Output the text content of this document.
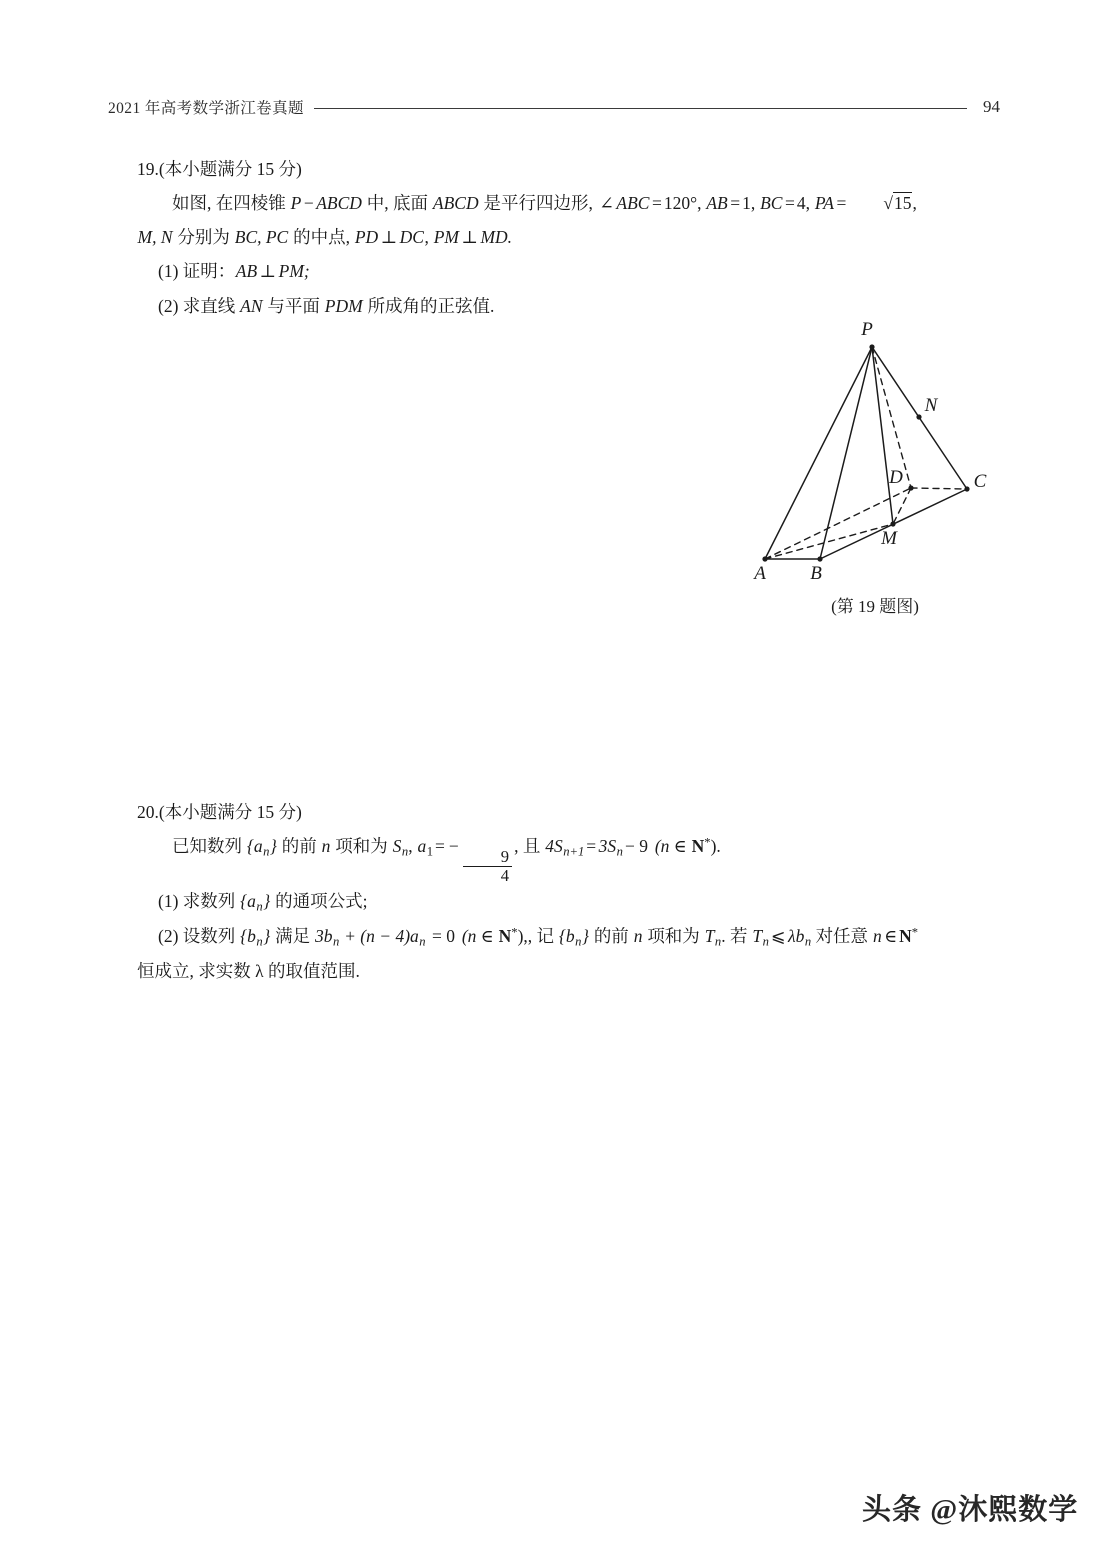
2021 年高考数学浙江卷真题	94

19.(本小题满分 15 分)

如图, 在四棱锥 P − ABCD 中, 底面 ABCD 是平行四边形, ∠ ABC = 120°, AB = 1, BC = 4, PA = √15,

M, N 分别为 BC, PC 的中点, PD ⊥ DC, PM ⊥ MD.

(1) 证明：AB ⊥ PM;

(2) 求直线 AN 与平面 PDM 所成角的正弦值.

P
N
D	C
M
A B
(第 19 题图)

20.(本小题满分 15 分)

已知数列 $\{a_n\}$ 的前 n 项和为 $S_n$, $a_1$ = −
$\frac{9}{4}$
, 且 $4S_{n+1} = 3S_n - 9$ (n ∈ N*).

(1) 求数列 $\{a_n\}$ 的通项公式;

(2) 设数列 $\{b_n\}$ 满足 $3b_n + (n - 4)a_n = 0$ (n ∈ N*),, 记 $\{b_n\}$ 的前 n 项和为 $T_n$. 若 $T_n$ ⩽ $\lambda b_n$ 对任意 n ∈ N*

恒成立, 求实数 λ 的取值范围.

头条 @沐熙数学
